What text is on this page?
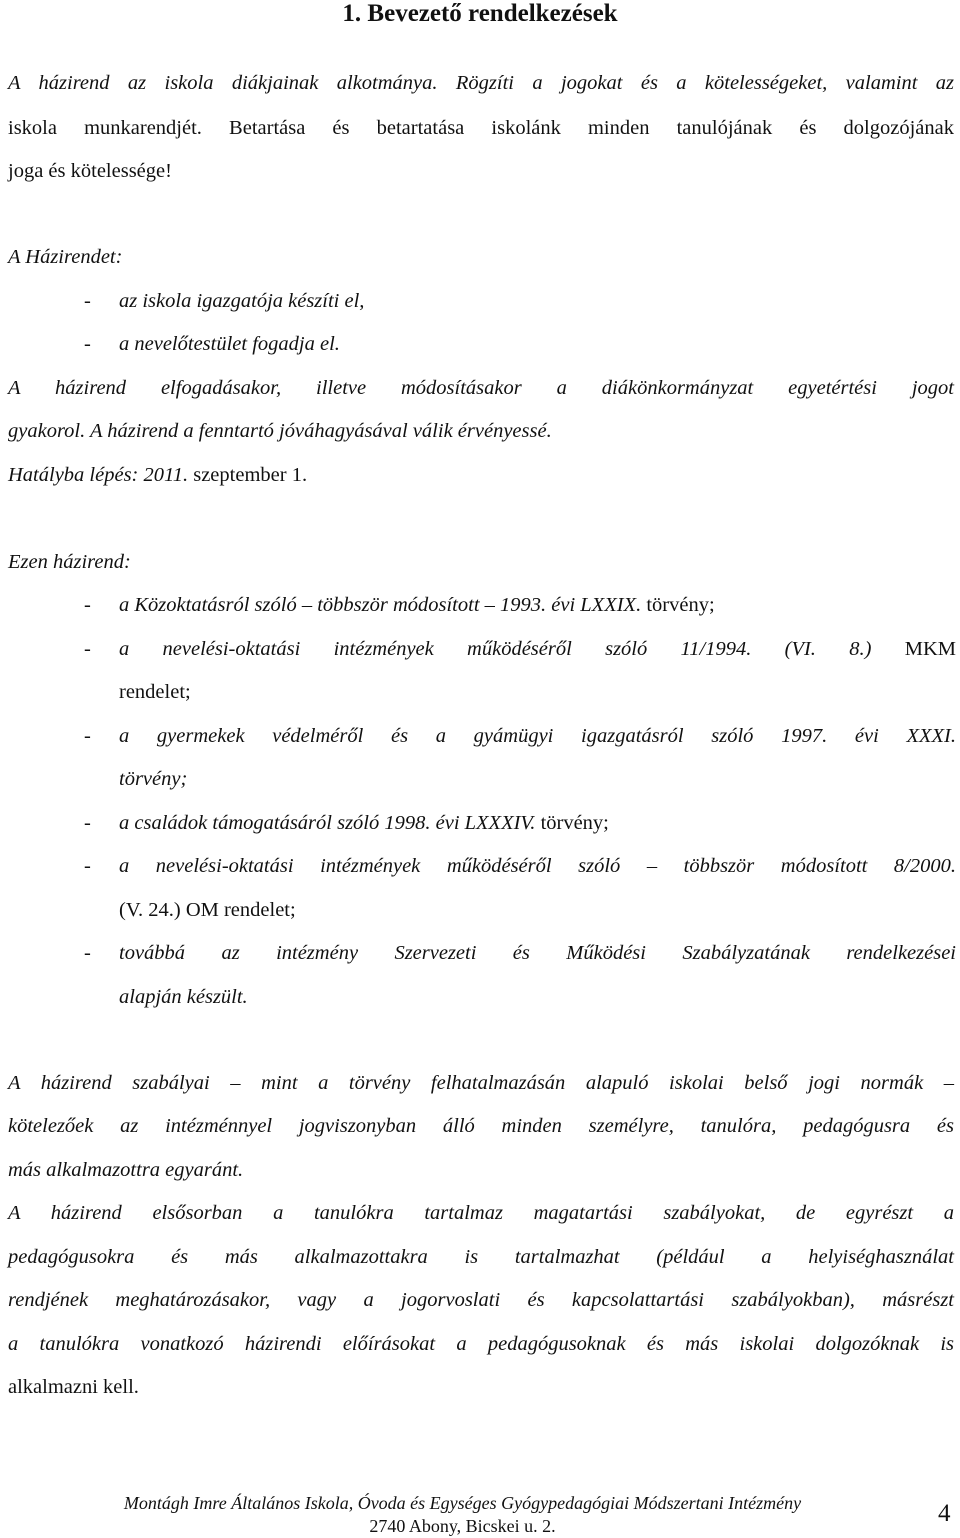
1. Bevezető rendelkezések
A házirend az iskola diákjainak alkotmánya. Rögzíti a jogokat és a kötelességeket, valamint az
iskola munkarendjét. Betartása és betartatása iskolánk minden tanulójának és dolgozójának
joga és kötelessége!
A Házirendet:
- az iskola igazgatója készíti el,
- a nevelőtestület fogadja el.
A házirend elfogadásakor, illetve módosításakor a diákönkormányzat egyetértési jogot
gyakorol. A házirend a fenntartó jóváhagyásával válik érvényessé.
Hatályba lépés: 2011. szeptember 1.
Ezen házirend:
- a Közoktatásról szóló – többször módosított – 1993. évi LXXIX. törvény;
- a nevelési-oktatási intézmények működéséről szóló 11/1994. (VI. 8.) MKM
rendelet;
- a gyermekek védelméről és a gyámügyi igazgatásról szóló 1997. évi XXXI.
törvény;
- a családok támogatásáról szóló 1998. évi LXXXIV. törvény;
- a nevelési-oktatási intézmények működéséről szóló – többször módosított 8/2000.
(V. 24.) OM rendelet;
- továbbá az intézmény Szervezeti és Működési Szabályzatának rendelkezései
alapján készült.
A házirend szabályai – mint a törvény felhatalmazásán alapuló iskolai belső jogi normák –
kötelezőek az intézménnyel jogviszonyban álló minden személyre, tanulóra, pedagógusra és
más alkalmazottra egyaránt.
A házirend elsősorban a tanulókra tartalmaz magatartási szabályokat, de egyrészt a
pedagógusokra és más alkalmazottakra is tartalmazhat (például a helyiséghasználat
rendjének meghatározásakor, vagy a jogorvoslati és kapcsolattartási szabályokban), másrészt
a tanulókra vonatkozó házirendi előírásokat a pedagógusoknak és más iskolai dolgozóknak is
alkalmazni kell.
Montágh Imre Általános Iskola, Óvoda és Egységes Gyógypedagógiai Módszertani Intézmény
2740 Abony, Bicskei u. 2.	4
